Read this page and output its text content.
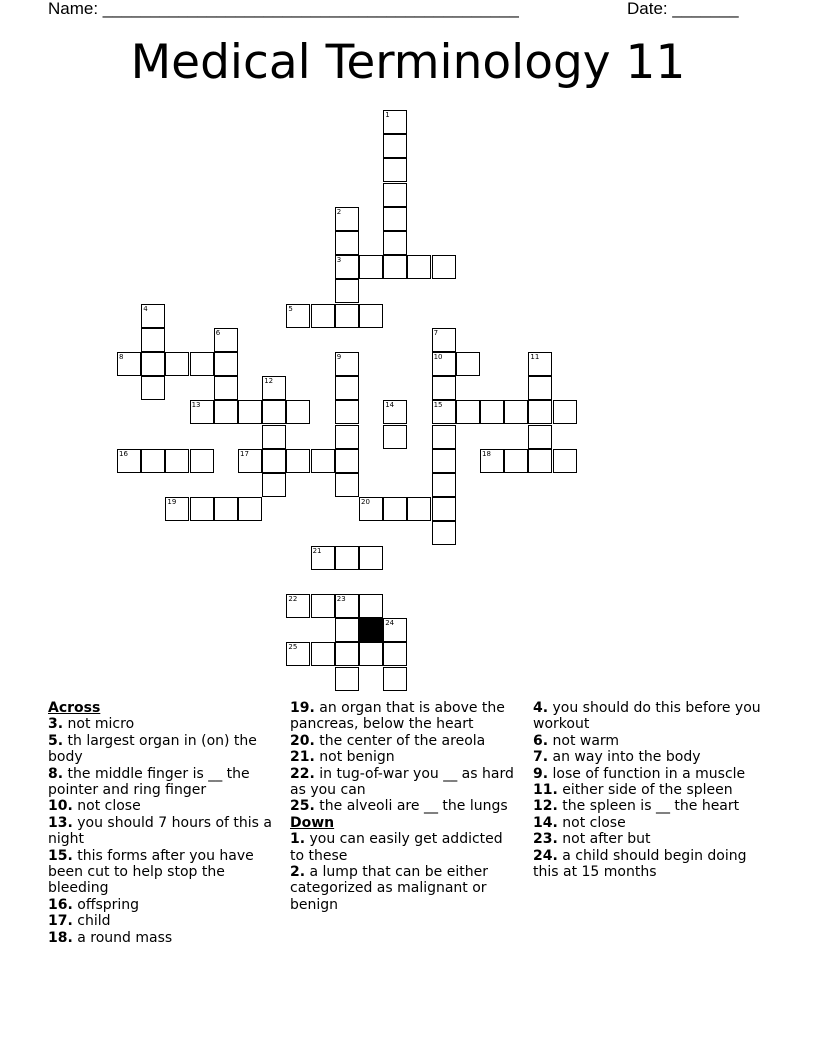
Name: ____________________________________________	Date: _______
Medical Terminology 11
1
2
3
5
4
8
6
12
13
16	17
9
14
19
7
10
15
11
18
20
21
22	23
24
25
Across
3. not micro
5. th largest organ in (on) the body
8. the middle finger is __ the pointer and ring finger
10. not close
13. you should 7 hours of this a night
15. this forms after you have been cut to help stop the bleeding
16. offspring
17. child
18. a round mass
19. an organ that is above the pancreas, below the heart
20. the center of the areola
21. not benign
22. in tug-of-war you __ as hard as you can
25. the alveoli are __ the lungs
Down
1. you can easily get addicted to these
2. a lump that can be either categorized as malignant or benign
4. you should do this before you workout
6. not warm
7. an way into the body
9. lose of function in a muscle
11. either side of the spleen
12. the spleen is __ the heart
14. not close
23. not after but
24. a child should begin doing this at 15 months
